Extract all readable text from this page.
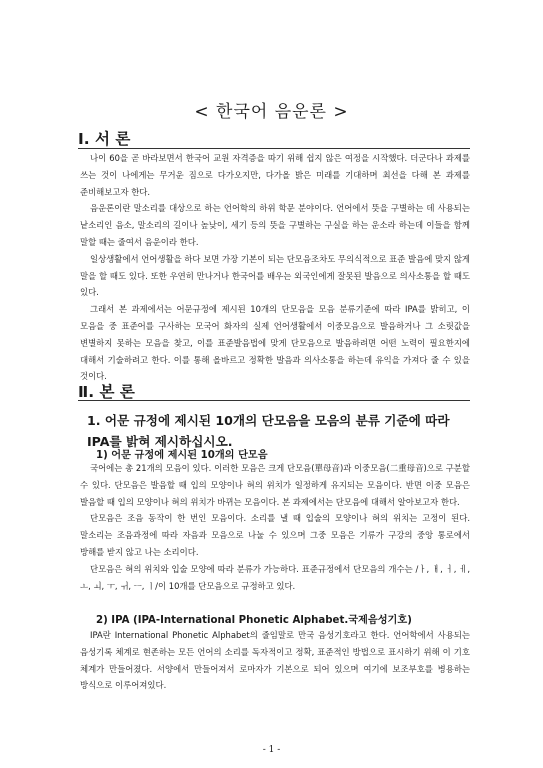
< 한국어 음운론 >
Ⅰ. 서 론

나이 60을 곧 바라보면서 한국어 교원 자격증을 따기 위해 쉽지 않은 여정을 시작했다. 더군다나 과제를 쓰는 것이 나에게는 무거운 짐으로 다가오지만, 다가올 밝은 미래를 기대하며 최선을 다해 본 과제를 준비해보고자 한다.

음운론이란 말소리를 대상으로 하는 언어학의 하위 학문 분야이다. 언어에서 뜻을 구별하는 데 사용되는 낱소리인 음소, 말소리의 길이나 높낮이, 세기 등의 뜻을 구별하는 구실을 하는 운소라 하는데 이들을 함께 말할 때는 줄여서 음운이라 한다.

일상생활에서 언어생활을 하다 보면 가장 기본이 되는 단모음조차도 무의식적으로 표준 발음에 맞지 않게 말을 할 때도 있다. 또한 우연히 만나거나 한국어를 배우는 외국인에게 잘못된 발음으로 의사소통을 할 때도 있다.

그래서 본 과제에서는 어문규정에 제시된 10개의 단모음을 모음 분류기준에 따라 IPA를 밝히고, 이 모음을 중 표준어를 구사하는 모국어 화자의 실제 언어생활에서 이중모음으로 발음하거나 그 소릿값을 변별하지 못하는 모음을 찾고, 이를 표준발음법에 맞게 단모음으로 발음하려면 어떤 노력이 필요한지에 대해서 기술하려고 한다. 이를 통해 올바르고 정확한 발음과 의사소통을 하는데 유익을 가져다 줄 수 있을 것이다.

Ⅱ. 본 론
1. 어문 규정에 제시된 10개의 단모음을 모음의 분류 기준에 따라 IPA를 밝혀 제시하십시오.
1) 어문 규정에 제시된 10개의 단모음

국어에는 총 21개의 모음이 있다. 이러한 모음은 크게 단모음(單母音)과 이중모음(二重母音)으로 구분할 수 있다. 단모음은 발음할 때 입의 모양이나 혀의 위치가 일정하게 유지되는 모음이다. 반면 이중 모음은 발음할 때 입의 모양이나 혀의 위치가 바뀌는 모음이다. 본 과제에서는 단모음에 대해서 알아보고자 한다.

단모음은 조음 동작이 한 번인 모음이다. 소리를 낼 때 입술의 모양이나 혀의 위치는 고정이 된다. 말소리는 조음과정에 따라 자음과 모음으로 나눌 수 있으며 그중 모음은 기류가 구강의 중앙 통로에서 방해를 받지 않고 나는 소리이다.

단모음은 혀의 위치와 입술 모양에 따라 분류가 가능하다. 표준규정에서 단모음의 개수는 /ㅏ, ㅐ, ㅓ, ㅔ, ㅗ, ㅚ, ㅜ, ㅟ, ㅡ, ㅣ/이 10개를 단모음으로 규정하고 있다.

2) IPA (IPA-International Phonetic Alphabet.국제음성기호)

IPA란 International Phonetic Alphabet의 줄임말로 만국 음성기호라고 한다. 언어학에서 사용되는 음성기록 체계로 현존하는 모든 언어의 소리를 독자적이고 정확, 표준적인 방법으로 표시하기 위해 이 기호 체계가 만들어졌다. 서양에서 만들어져서 로마자가 기본으로 되어 있으며 여기에 보조부호를 병용하는 방식으로 이루어져있다.

- 1 -
